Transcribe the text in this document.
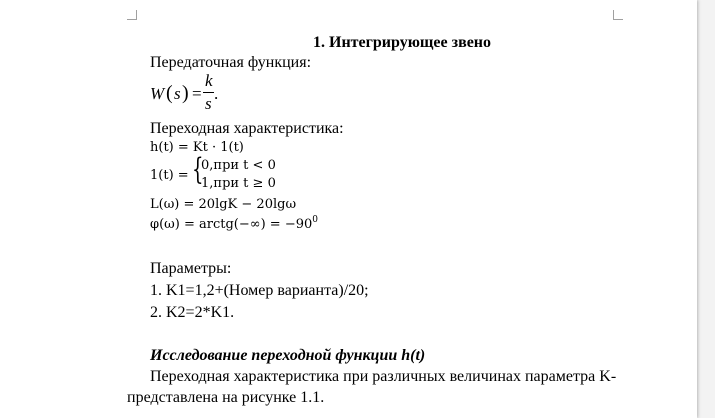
1. Интегрирующее звено
Передаточная функция:
W ( s ) =
k
s
.
Переходная характеристика:
h(t) = Kt · 1(t)
1(t) = {
0,при t < 0
1,при t ≥ 0
L(ω) = 20lgK − 20lgω
φ(ω) = arctg(−∞) = $-90^0$
Параметры:
1. K1=1,2+(Номер варианта)/20;
2. K2=2*K1.
Исследование переходной функции h(t)
Переходная характеристика при различных величинах параметра K-
представлена на рисунке 1.1.
